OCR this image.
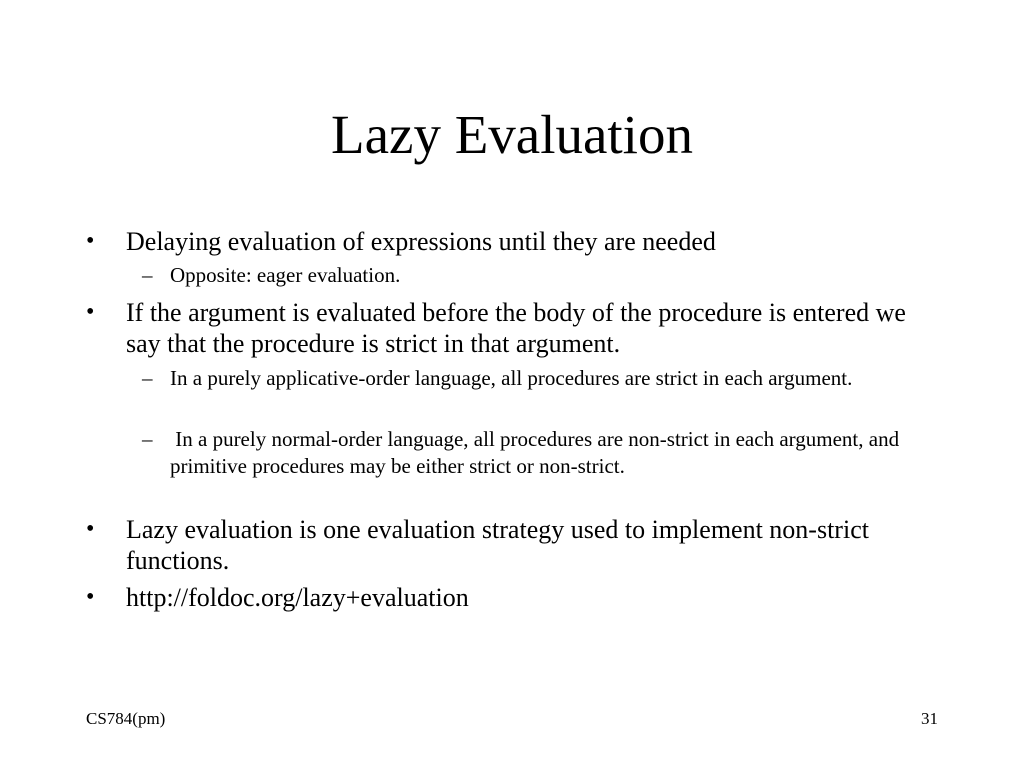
Lazy Evaluation
• Delaying evaluation of expressions until they are needed
– Opposite: eager evaluation.
• If the argument is evaluated before the body of the procedure is entered we say that the procedure is strict in that argument.
– In a purely applicative-order language, all procedures are strict in each argument.
– In a purely normal-order language, all procedures are non-strict in each argument, and primitive procedures may be either strict or non-strict.
• Lazy evaluation is one evaluation strategy used to implement non-strict functions.
• http://foldoc.org/lazy+evaluation
CS784(pm)	31
